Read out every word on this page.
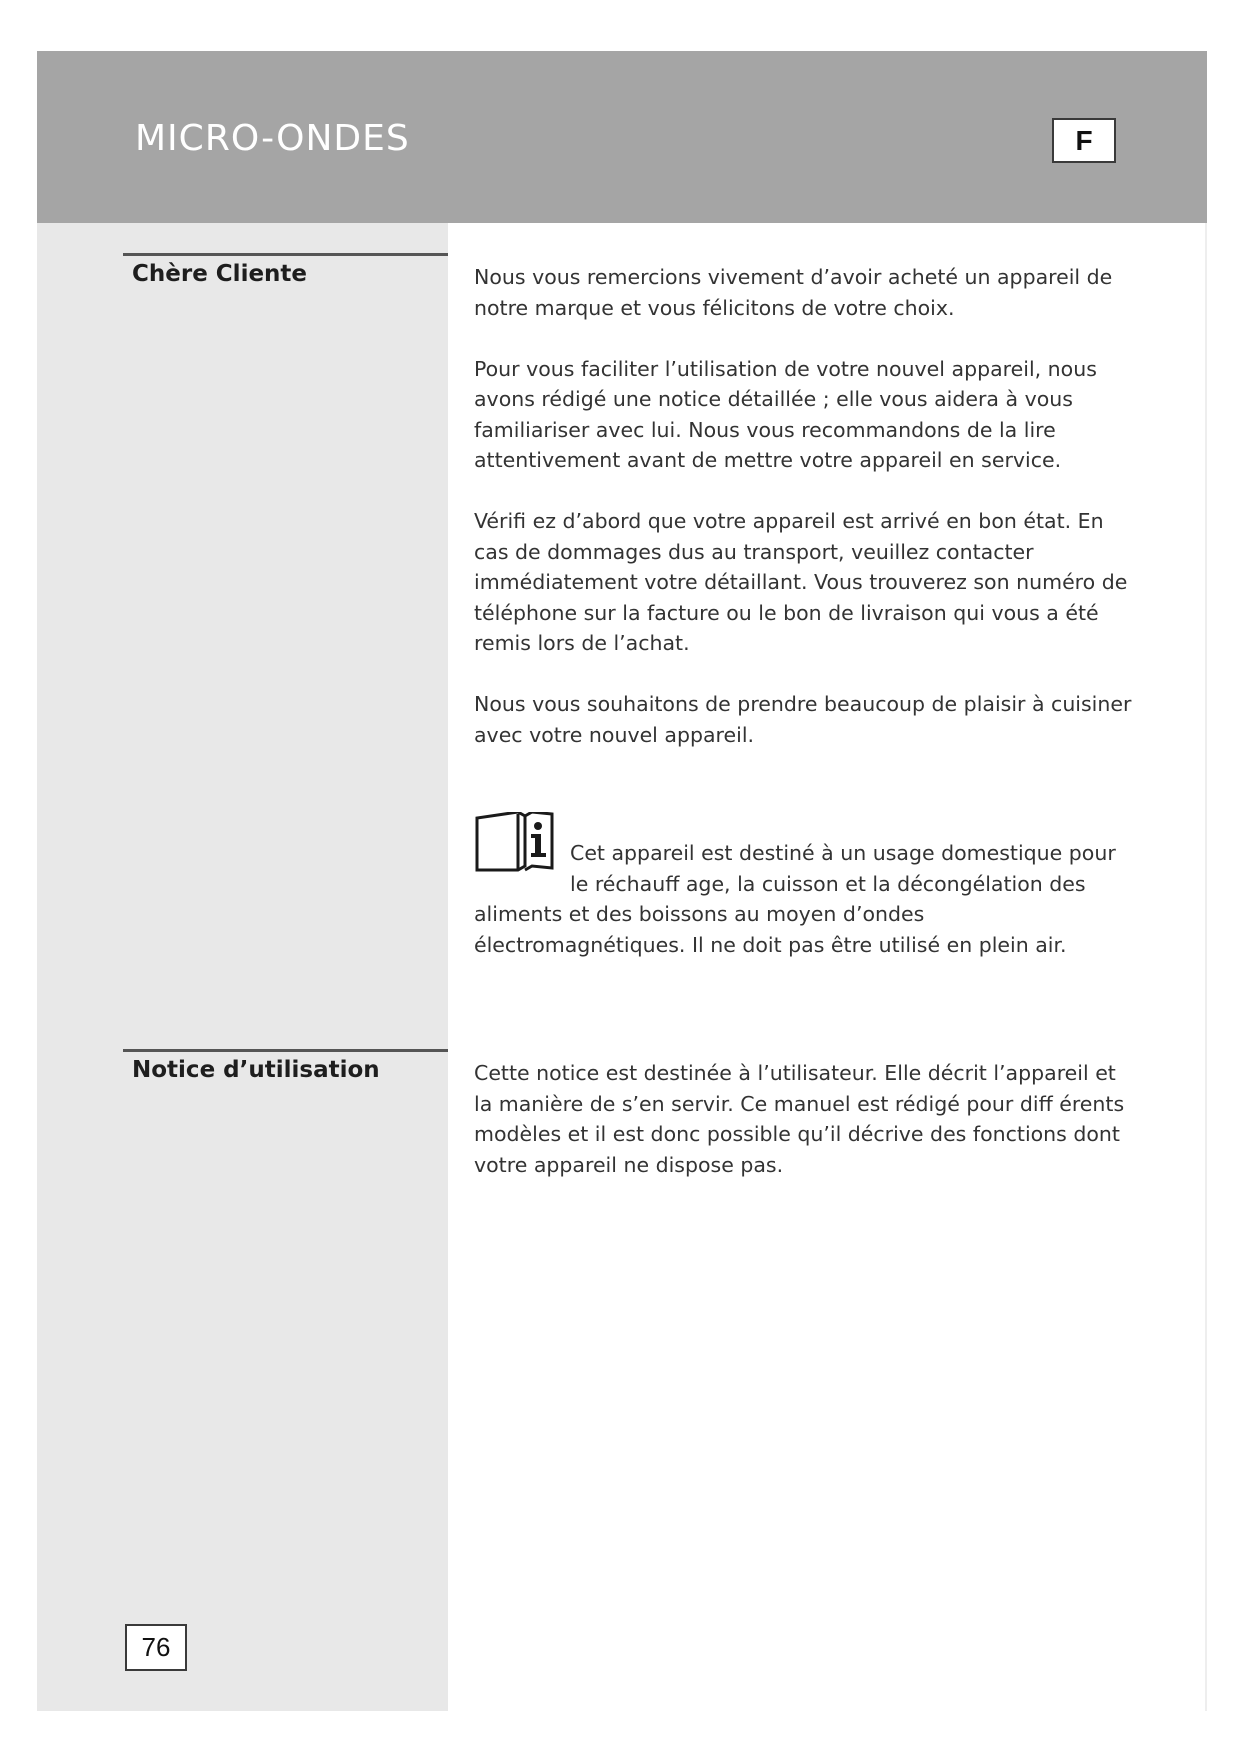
MICRO-ONDES	F
Chère Cliente	Nous vous remercions vivement d’avoir acheté un appareil de notre marque et vous félicitons de votre choix.

Pour vous faciliter l’utilisation de votre nouvel appareil, nous
avons rédigé une notice détaillée ; elle vous aidera à vous familiariser avec lui. Nous vous recommandons de la lire attentivement avant de mettre votre appareil en service.

Vérifi ez d’abord que votre appareil est arrivé en bon état. En cas de dommages dus au transport, veuillez contacter immédiatement votre détaillant. Vous trouverez son numéro de téléphone sur la facture ou le bon de livraison qui vous a été remis lors de l’achat.

Nous vous souhaitons de prendre beaucoup de plaisir à cuisiner avec votre nouvel appareil.

Cet appareil est destiné à un usage domestique pour le réchauff age, la cuisson et la décongélation des aliments et des boissons au moyen d’ondes électromagnétiques. Il ne doit pas être utilisé en plein air.
Notice d’utilisation	Cette notice est destinée à l’utilisateur. Elle décrit l’appareil et la manière de s’en servir. Ce manuel est rédigé pour diff érents modèles et il est donc possible qu’il décrive des fonctions dont votre appareil ne dispose pas.

76
